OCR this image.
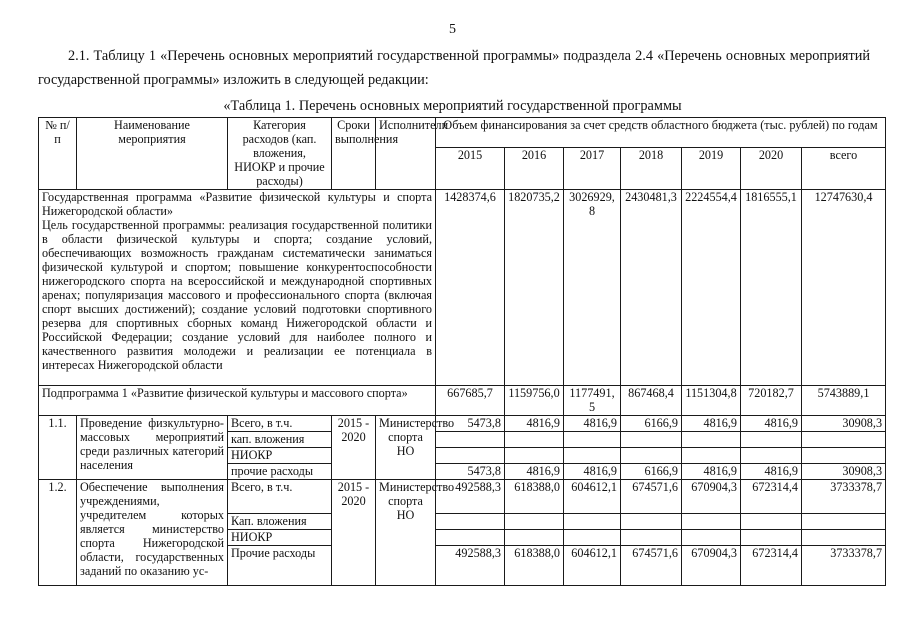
5
2.1. Таблицу 1 «Перечень основных мероприятий государственной программы» подраздела 2.4 «Перечень основных мероприятий государственной программы» изложить в следующей редакции:
«Таблица 1. Перечень основных мероприятий государственной программы
№ п/п	Наименование мероприятия	Категория расходов (кап. вложения, НИОКР и прочие расходы)	Сроки выполнения	Исполнители	Объем финансирования за счет средств областного бюджета (тыс. рублей) по годам						
					2015	2016	2017	2018	2019	2020	всего

Государственная программа «Развитие физической культуры и спорта Нижегородской области»
Цель государственной программы: реализация государственной политики в области физической культуры и спорта; создание условий, обеспечивающих возможность гражданам систематически заниматься физической культурой и спортом; повышение конкурентоспособности нижегородского спорта на всероссийской и международной спортивных аренах; популяризация массового и профессионального спорта (включая спорт высших достижений); создание условий подготовки спортивного резерва для спортивных сборных команд Нижегородской области и Российской Федерации; создание условий для наиболее полного и качественного развития молодежи и реализации ее потенциала в интересах Нижегородской области					1428374,6	1820735,2	3026929,8	2430481,3	2224554,4	1816555,1	12747630,4
Подпрограмма 1 «Развитие физической культуры и массового спорта»					667685,7	1159756,0	1177491,5	867468,4	1151304,8	720182,7	5743889,1
1.1.	Проведение физкультурно-массовых мероприятий среди различных категорий населения	Всего, в т.ч.	2015 - 2020	Министерство спорта НО	5473,8	4816,9	4816,9	6166,9	4816,9	4816,9	30908,3
		кап. вложения									
		НИОКР									
		прочие расходы			5473,8	4816,9	4816,9	6166,9	4816,9	4816,9	30908,3
1.2.	Обеспечение выполнения учреждениями, учредителем которых является министерство спорта Нижегородской области, государственных заданий по оказанию ус-	Всего, в т.ч.	2015 - 2020	Министерство спорта НО	492588,3	618388,0	604612,1	674571,6	670904,3	672314,4	3733378,7
		Кап. вложения									
		НИОКР									
		Прочие расходы			492588,3	618388,0	604612,1	674571,6	670904,3	672314,4	3733378,7
